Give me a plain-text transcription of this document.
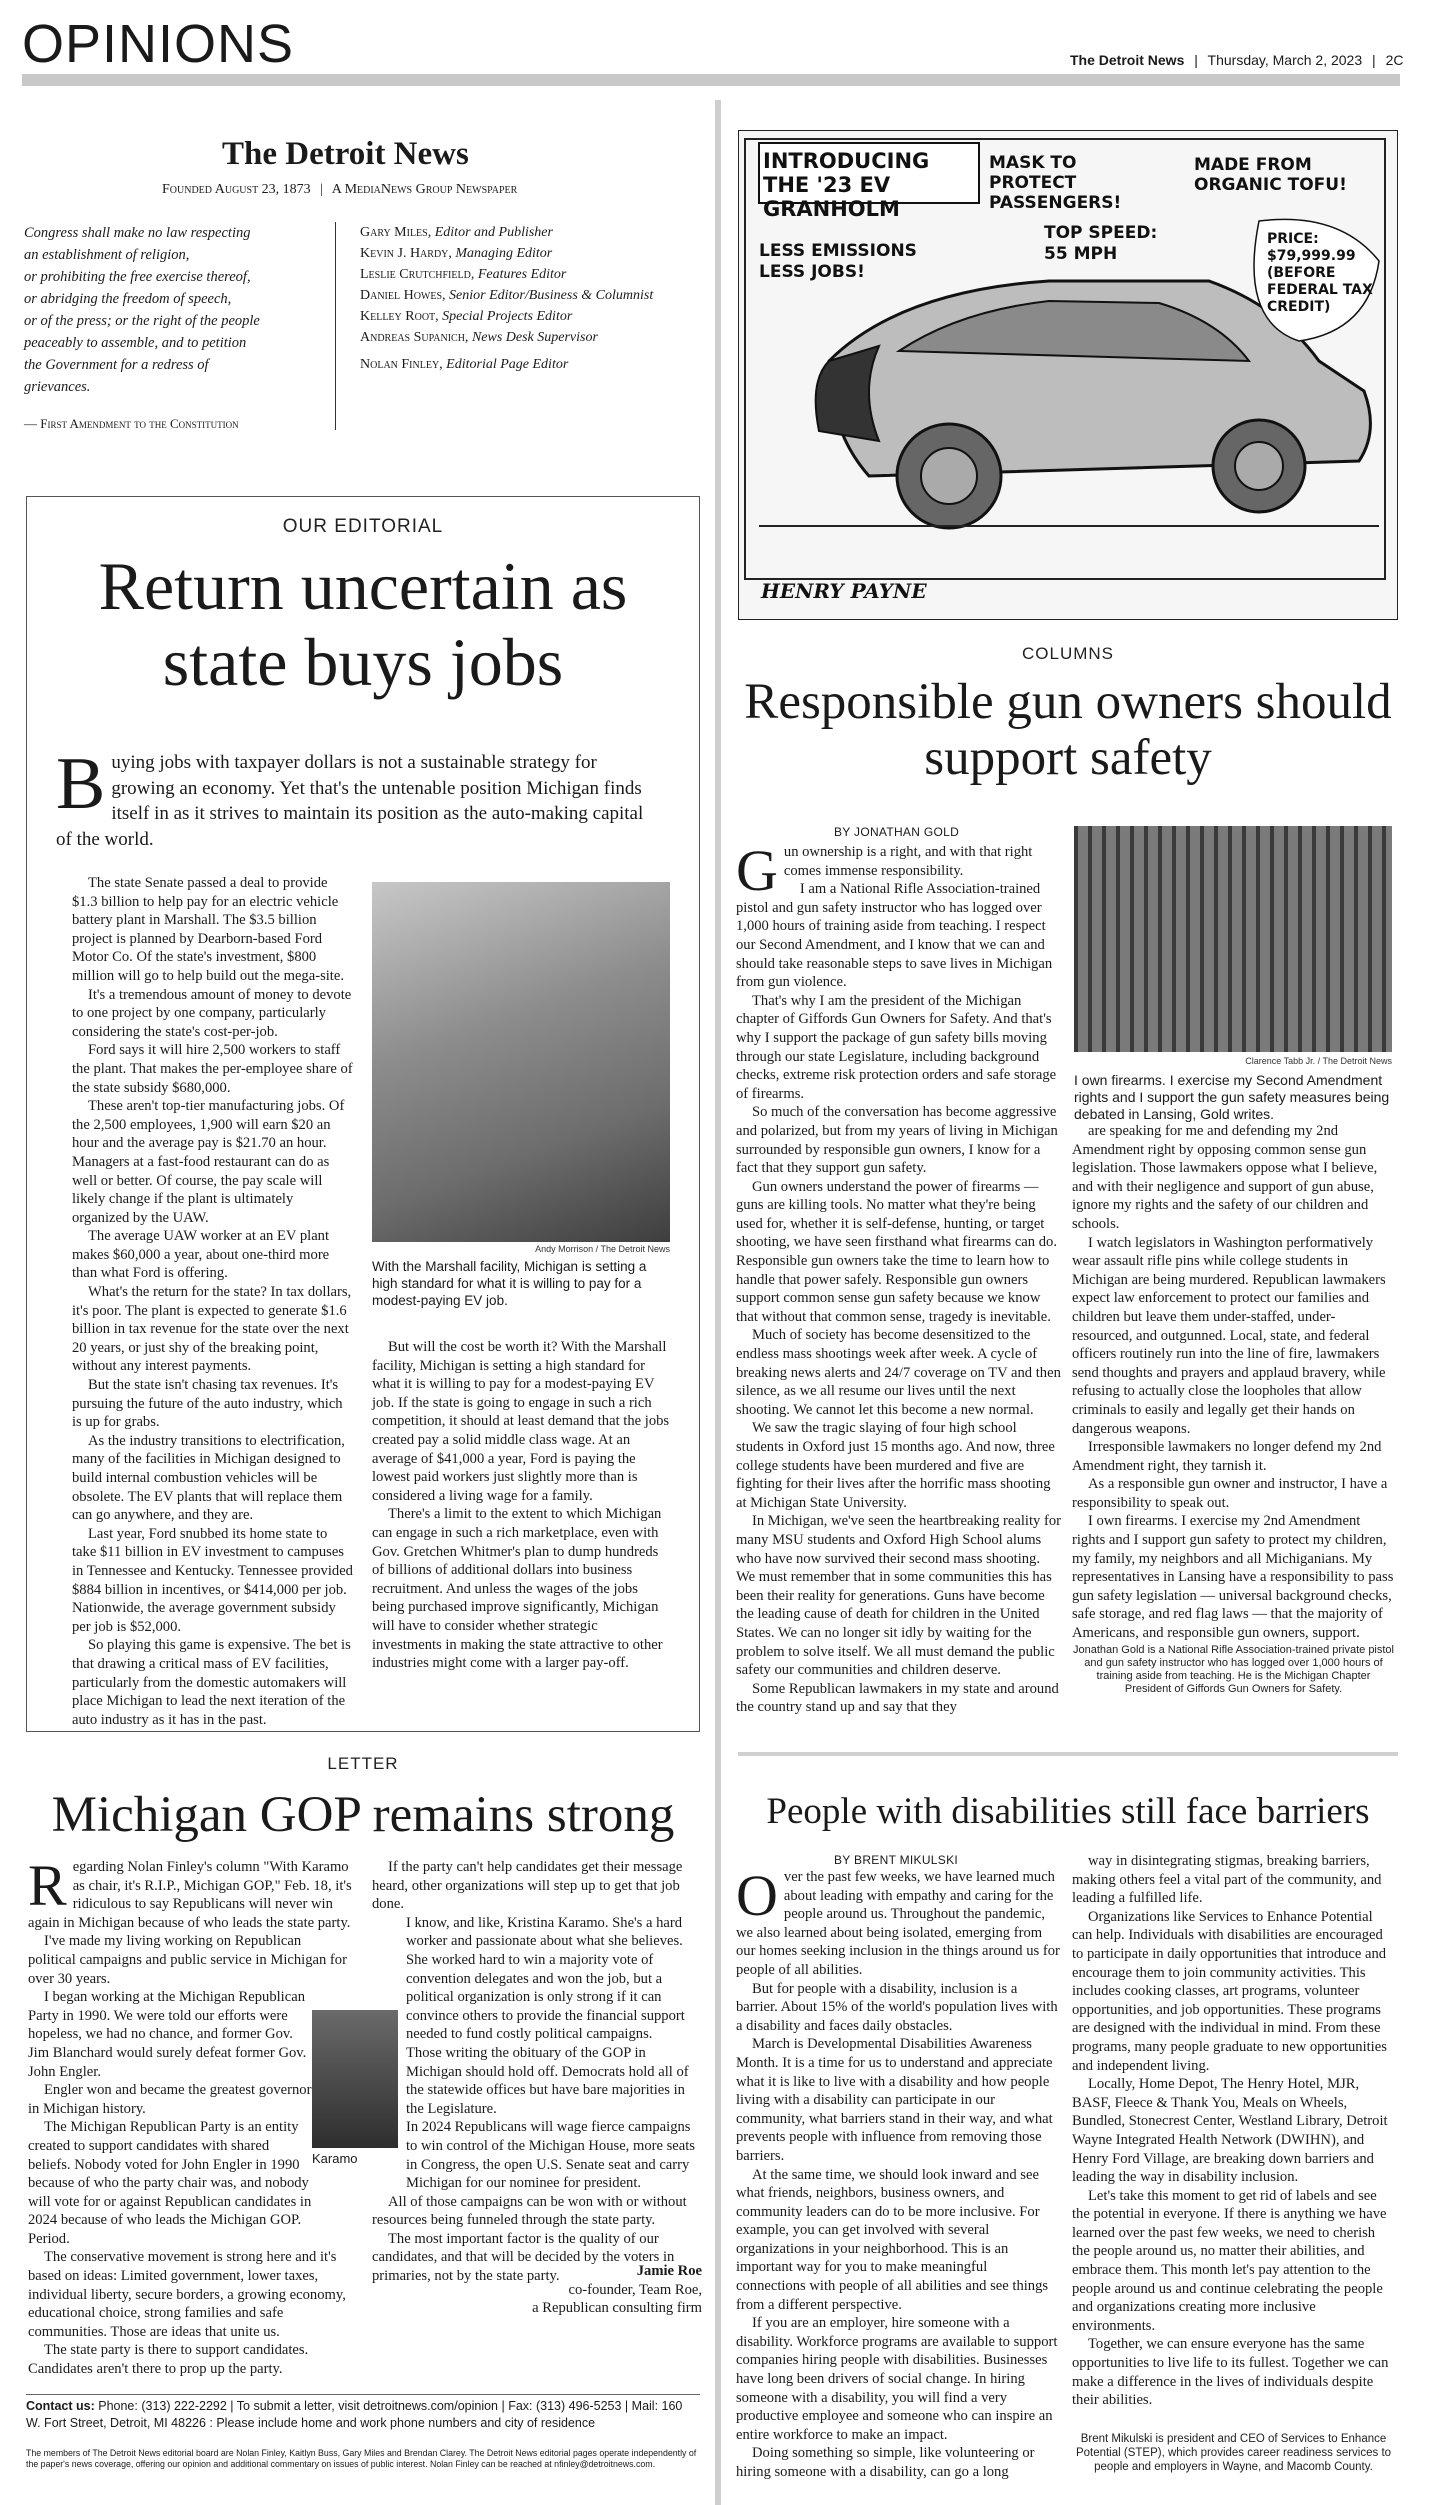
OPINIONS	The Detroit News | Thursday, March 2, 2023 | 2C
The Detroit News
Founded August 23, 1873 | A MediaNews Group Newspaper
Congress shall make no law respecting
an establishment of religion,
or prohibiting the free exercise thereof,
or abridging the freedom of speech,
or of the press; or the right of the people
peaceably to assemble, and to petition
the Government for a redress of
grievances.
— First Amendment to the Constitution
Gary Miles, Editor and Publisher
Kevin J. Hardy, Managing Editor
Leslie Crutchfield, Features Editor
Daniel Howes, Senior Editor/Business & Columnist
Kelley Root, Special Projects Editor
Andreas Supanich, News Desk Supervisor
Nolan Finley, Editorial Page Editor
INTRODUCING THE '23 EV GRANHOLM
MASK TO PROTECT PASSENGERS!
MADE FROM ORGANIC TOFU!
LESS EMISSIONS LESS JOBS!
TOP SPEED: 55 MPH
PRICE: $79,999.99 (BEFORE FEDERAL TAX CREDIT)
HENRY PAYNE
OUR EDITORIAL
Return uncertain as state buys jobs
Buying jobs with taxpayer dollars is not a sustainable strategy for growing an economy. Yet that's the untenable position Michigan finds itself in as it strives to maintain its position as the auto-making capital of the world.

The state Senate passed a deal to provide $1.3 billion to help pay for an electric vehicle battery plant in Marshall. The $3.5 billion project is planned by Dearborn-based Ford Motor Co. Of the state's investment, $800 million will go to help build out the mega-site.

It's a tremendous amount of money to devote to one project by one company, particularly considering the state's cost-per-job.

Ford says it will hire 2,500 workers to staff the plant. That makes the per-employee share of the state subsidy $680,000.

These aren't top-tier manufacturing jobs. Of the 2,500 employees, 1,900 will earn $20 an hour and the average pay is $21.70 an hour. Managers at a fast-food restaurant can do as well or better. Of course, the pay scale will likely change if the plant is ultimately organized by the UAW.

The average UAW worker at an EV plant makes $60,000 a year, about one-third more than what Ford is offering.

What's the return for the state? In tax dollars, it's poor. The plant is expected to generate $1.6 billion in tax revenue for the state over the next 20 years, or just shy of the breaking point, without any interest payments.

But the state isn't chasing tax revenues. It's pursuing the future of the auto industry, which is up for grabs.

As the industry transitions to electrification, many of the facilities in Michigan designed to build internal combustion vehicles will be obsolete. The EV plants that will replace them can go anywhere, and they are.

Last year, Ford snubbed its home state to take $11 billion in EV investment to campuses in Tennessee and Kentucky. Tennessee provided $884 billion in incentives, or $414,000 per job. Nationwide, the average government subsidy per job is $52,000.

So playing this game is expensive. The bet is that drawing a critical mass of EV facilities, particularly from the domestic automakers will place Michigan to lead the next iteration of the auto industry as it has in the past.

Andy Morrison / The Detroit News
With the Marshall facility, Michigan is setting a high standard for what it is willing to pay for a modest-paying EV job.

But will the cost be worth it? With the Marshall facility, Michigan is setting a high standard for what it is willing to pay for a modest-paying EV job. If the state is going to engage in such a rich competition, it should at least demand that the jobs created pay a solid middle class wage. At an average of $41,000 a year, Ford is paying the lowest paid workers just slightly more than is considered a living wage for a family.

There's a limit to the extent to which Michigan can engage in such a rich marketplace, even with Gov. Gretchen Whitmer's plan to dump hundreds of billions of additional dollars into business recruitment. And unless the wages of the jobs being purchased improve significantly, Michigan will have to consider whether strategic investments in making the state attractive to other industries might come with a larger pay-off.

COLUMNS
Responsible gun owners should support safety
BY JONATHAN GOLD

Gun ownership is a right, and with that right comes immense responsibility.

I am a National Rifle Association-trained pistol and gun safety instructor who has logged over 1,000 hours of training aside from teaching. I respect our Second Amendment, and I know that we can and should take reasonable steps to save lives in Michigan from gun violence.

That's why I am the president of the Michigan chapter of Giffords Gun Owners for Safety. And that's why I support the package of gun safety bills moving through our state Legislature, including background checks, extreme risk protection orders and safe storage of firearms.

So much of the conversation has become aggressive and polarized, but from my years of living in Michigan surrounded by responsible gun owners, I know for a fact that they support gun safety.

Gun owners understand the power of firearms — guns are killing tools. No matter what they're being used for, whether it is self-defense, hunting, or target shooting, we have seen firsthand what firearms can do. Responsible gun owners take the time to learn how to handle that power safely. Responsible gun owners support common sense gun safety because we know that without that common sense, tragedy is inevitable.

Much of society has become desensitized to the endless mass shootings week after week. A cycle of breaking news alerts and 24/7 coverage on TV and then silence, as we all resume our lives until the next shooting. We cannot let this become a new normal.

We saw the tragic slaying of four high school students in Oxford just 15 months ago. And now, three college students have been murdered and five are fighting for their lives after the horrific mass shooting at Michigan State University.

In Michigan, we've seen the heartbreaking reality for many MSU students and Oxford High School alums who have now survived their second mass shooting. We must remember that in some communities this has been their reality for generations. Guns have become the leading cause of death for children in the United States. We can no longer sit idly by waiting for the problem to solve itself. We all must demand the public safety our communities and children deserve.

Some Republican lawmakers in my state and around the country stand up and say that they

Clarence Tabb Jr. / The Detroit News
I own firearms. I exercise my Second Amendment rights and I support the gun safety measures being debated in Lansing, Gold writes.

are speaking for me and defending my 2nd Amendment right by opposing common sense gun legislation. Those lawmakers oppose what I believe, and with their negligence and support of gun abuse, ignore my rights and the safety of our children and schools.

I watch legislators in Washington performatively wear assault rifle pins while college students in Michigan are being murdered. Republican lawmakers expect law enforcement to protect our families and children but leave them under-staffed, under-resourced, and outgunned. Local, state, and federal officers routinely run into the line of fire, lawmakers send thoughts and prayers and applaud bravery, while refusing to actually close the loopholes that allow criminals to easily and legally get their hands on dangerous weapons.

Irresponsible lawmakers no longer defend my 2nd Amendment right, they tarnish it.

As a responsible gun owner and instructor, I have a responsibility to speak out.

I own firearms. I exercise my 2nd Amendment rights and I support gun safety to protect my children, my family, my neighbors and all Michiganians. My representatives in Lansing have a responsibility to pass gun safety legislation — universal background checks, safe storage, and red flag laws — that the majority of Americans, and responsible gun owners, support.

Jonathan Gold is a National Rifle Association-trained private pistol and gun safety instructor who has logged over 1,000 hours of training aside from teaching. He is the Michigan Chapter President of Giffords Gun Owners for Safety.
LETTER
Michigan GOP remains strong

Regarding Nolan Finley's column "With Karamo as chair, it's R.I.P., Michigan GOP," Feb. 18, it's ridiculous to say Republicans will never win again in Michigan because of who leads the state party.

I've made my living working on Republican political campaigns and public service in Michigan for over 30 years.

I began working at the Michigan Republican Party in 1990. We were told our efforts were hopeless, we had no chance, and former Gov. Jim Blanchard would surely defeat former Gov. John Engler.

Engler won and became the greatest governor in Michigan history.

The Michigan Republican Party is an entity created to support candidates with shared beliefs. Nobody voted for John Engler in 1990 because of who the party chair was, and nobody will vote for or against Republican candidates in 2024 because of who leads the Michigan GOP. Period.

The conservative movement is strong here and it's based on ideas: Limited government, lower taxes, individual liberty, secure borders, a growing economy, educational choice, strong families and safe communities. Those are ideas that unite us.

The state party is there to support candidates. Candidates aren't there to prop up the party.

Karamo

If the party can't help candidates get their message heard, other organizations will step up to get that job done.

I know, and like, Kristina Karamo. She's a hard worker and passionate about what she believes. She worked hard to win a majority vote of convention delegates and won the job, but a political organization is only strong if it can convince others to provide the financial support needed to fund costly political campaigns.

Those writing the obituary of the GOP in Michigan should hold off. Democrats hold all of the statewide offices but have bare majorities in the Legislature.

In 2024 Republicans will wage fierce campaigns to win control of the Michigan House, more seats in Congress, the open U.S. Senate seat and carry Michigan for our nominee for president.

All of those campaigns can be won with or without resources being funneled through the state party.

The most important factor is the quality of our candidates, and that will be decided by the voters in primaries, not by the state party.	Jamie Roe
co-founder, Team Roe,
a Republican consulting firm
Contact us: Phone: (313) 222-2292 | To submit a letter, visit detroitnews.com/opinion | Fax: (313) 496-5253 | Mail: 160 W. Fort Street, Detroit, MI 48226 : Please include home and work phone numbers and city of residence
The members of The Detroit News editorial board are Nolan Finley, Kaitlyn Buss, Gary Miles and Brendan Clarey. The Detroit News editorial pages operate independently of the paper's news coverage, offering our opinion and additional commentary on issues of public interest. Nolan Finley can be reached at nfinley@detroitnews.com.
People with disabilities still face barriers
BY BRENT MIKULSKI

Over the past few weeks, we have learned much about leading with empathy and caring for the people around us. Throughout the pandemic, we also learned about being isolated, emerging from our homes seeking inclusion in the things around us for people of all abilities.

But for people with a disability, inclusion is a barrier. About 15% of the world's population lives with a disability and faces daily obstacles.

March is Developmental Disabilities Awareness Month. It is a time for us to understand and appreciate what it is like to live with a disability and how people living with a disability can participate in our community, what barriers stand in their way, and what prevents people with influence from removing those barriers.

At the same time, we should look inward and see what friends, neighbors, business owners, and community leaders can do to be more inclusive. For example, you can get involved with several organizations in your neighborhood. This is an important way for you to make meaningful connections with people of all abilities and see things from a different perspective.

If you are an employer, hire someone with a disability. Workforce programs are available to support companies hiring people with disabilities. Businesses have long been drivers of social change. In hiring someone with a disability, you will find a very productive employee and someone who can inspire an entire workforce to make an impact.

Doing something so simple, like volunteering or hiring someone with a disability, can go a long

way in disintegrating stigmas, breaking barriers, making others feel a vital part of the community, and leading a fulfilled life.

Organizations like Services to Enhance Potential can help. Individuals with disabilities are encouraged to participate in daily opportunities that introduce and encourage them to join community activities. This includes cooking classes, art programs, volunteer opportunities, and job opportunities. These programs are designed with the individual in mind. From these programs, many people graduate to new opportunities and independent living.

Locally, Home Depot, The Henry Hotel, MJR, BASF, Fleece & Thank You, Meals on Wheels, Bundled, Stonecrest Center, Westland Library, Detroit Wayne Integrated Health Network (DWIHN), and Henry Ford Village, are breaking down barriers and leading the way in disability inclusion.

Let's take this moment to get rid of labels and see the potential in everyone. If there is anything we have learned over the past few weeks, we need to cherish the people around us, no matter their abilities, and embrace them. This month let's pay attention to the people around us and continue celebrating the people and organizations creating more inclusive environments.

Together, we can ensure everyone has the same opportunities to live life to its fullest. Together we can make a difference in the lives of individuals despite their abilities.

Brent Mikulski is president and CEO of Services to Enhance Potential (STEP), which provides career readiness services to people and employers in Wayne, and Macomb County.
